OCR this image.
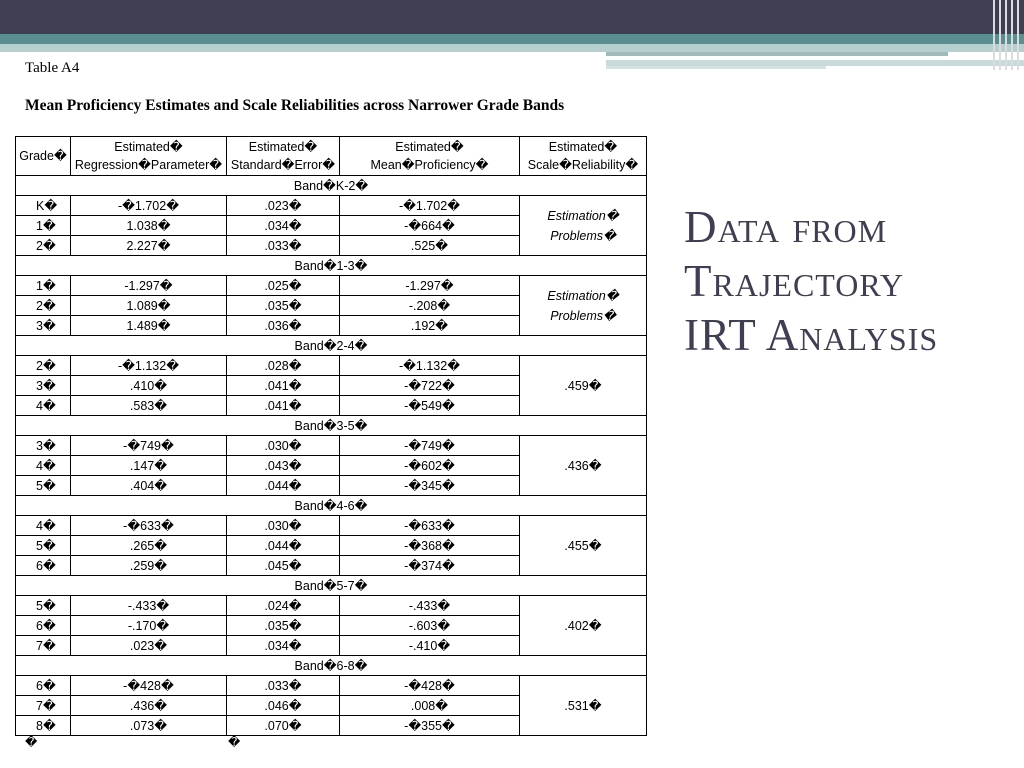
Table A4
Mean Proficiency Estimates and Scale Reliabilities across Narrower Grade Bands
Data from
Trajectory
IRT Analysis
Grade�	Estimated� Regression�Parameter�	Estimated� Standard�Error�	Estimated� Mean�Proficiency�	Estimated� Scale�Reliability�
Band�K-2�				
K�	-�1.702�	.023�	-�1.702�	Estimation� Problems�
1�	1.038�	.034�	-�664�	
2�	2.227�	.033�	.525�	
Band�1-3�				
1�	-1.297�	.025�	-1.297�	Estimation� Problems�
2�	1.089�	.035�	-.208�	
3�	1.489�	.036�	.192�	
Band�2-4�				
2�	-�1.132�	.028�	-�1.132�	.459�
3�	.410�	.041�	-�722�	
4�	.583�	.041�	-�549�	
Band�3-5�				
3�	-�749�	.030�	-�749�	.436�
4�	.147�	.043�	-�602�	
5�	.404�	.044�	-�345�	
Band�4-6�				
4�	-�633�	.030�	-�633�	.455�
5�	.265�	.044�	-�368�	
6�	.259�	.045�	-�374�	
Band�5-7�				
5�	-.433�	.024�	-.433�	.402�
6�	-.170�	.035�	-.603�	
7�	.023�	.034�	-.410�	
Band�6-8�				
6�	-�428�	.033�	-�428�	.531�
7�	.436�	.046�	.008�	
8�	.073�	.070�	-�355�	
�	�
